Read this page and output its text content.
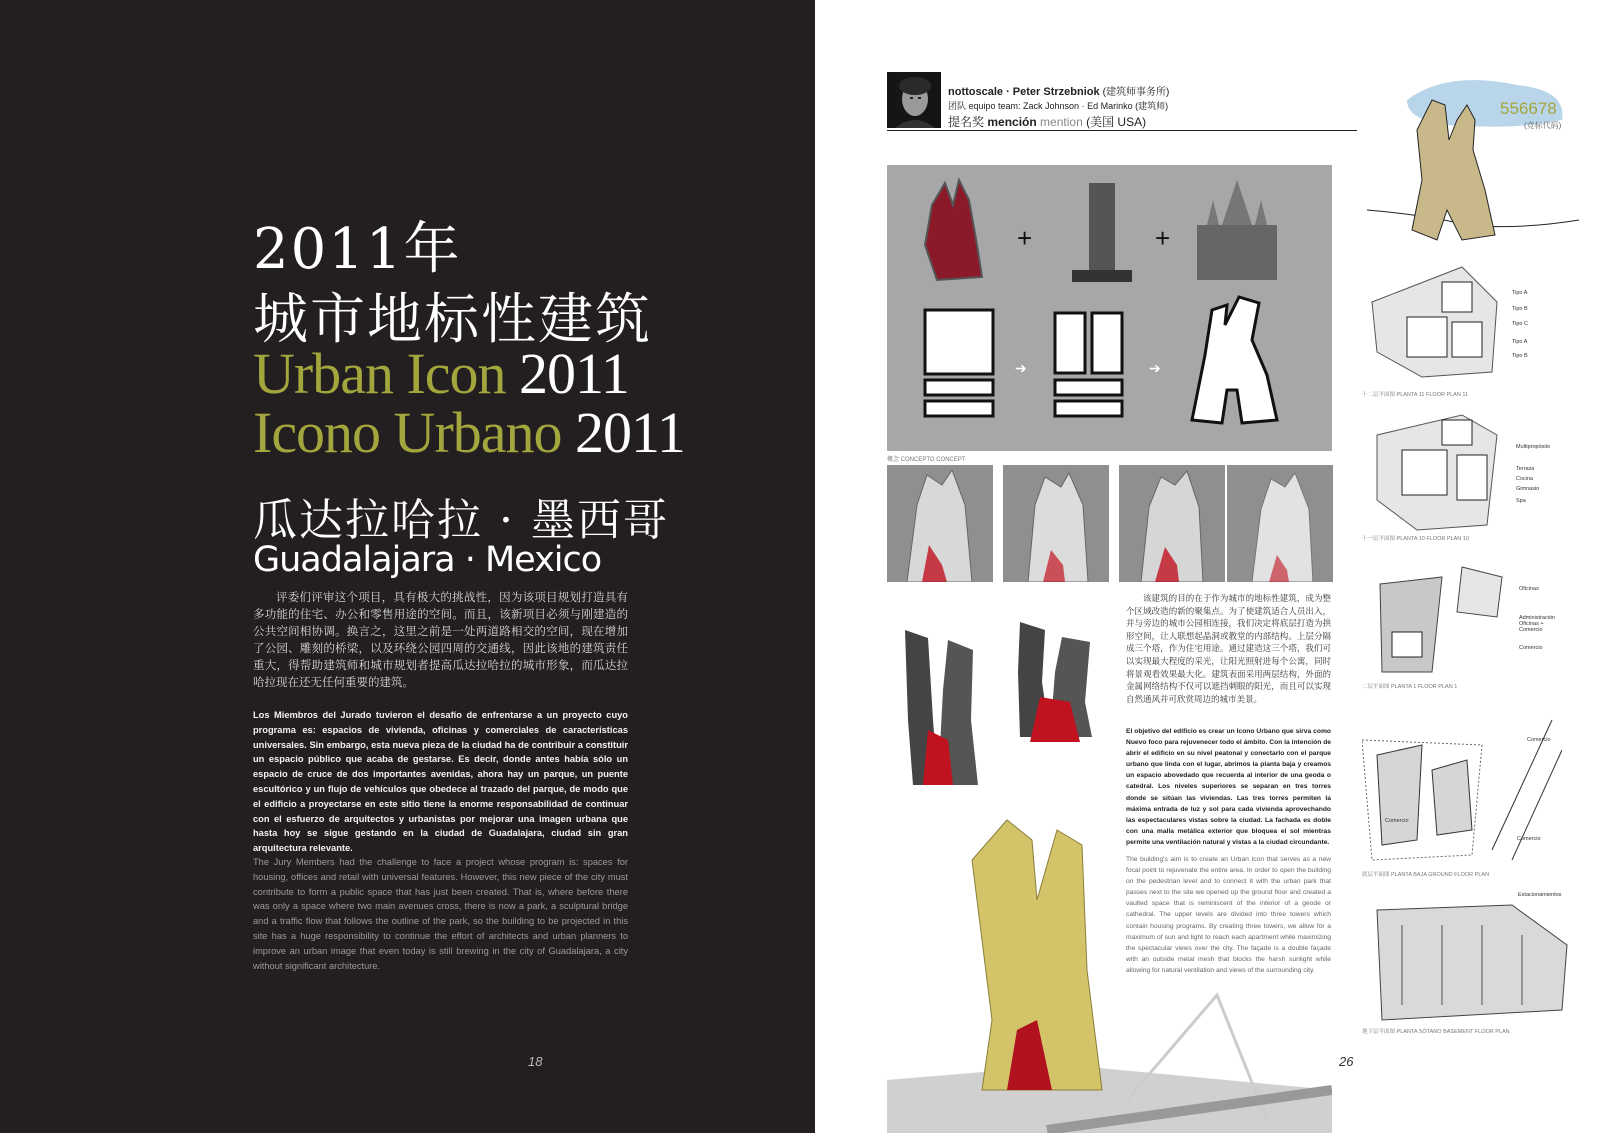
2011年
城市地标性建筑
Urban Icon 2011
Icono Urbano 2011
瓜达拉哈拉 · 墨西哥
Guadalajara · Mexico

评委们评审这个项目，具有极大的挑战性，因为该项目规划打造具有多功能的住宅、办公和零售用途的空间。而且，该新项目必须与刚建造的公共空间相协调。换言之，这里之前是一处两道路相交的空间，现在增加了公园、雕刻的桥梁，以及环绕公园四周的交通线，因此该地的建筑责任重大，得帮助建筑师和城市规划者提高瓜达拉哈拉的城市形象，而瓜达拉哈拉现在还无任何重要的建筑。

Los Miembros del Jurado tuvieron el desafío de enfrentarse a un proyecto cuyo programa es: espacios de vivienda, oficinas y comerciales de características universales. Sin embargo, esta nueva pieza de la ciudad ha de contribuir a constituir un espacio público que acaba de gestarse. Es decir, donde antes había sólo un espacio de cruce de dos importantes avenidas, ahora hay un parque, un puente escultórico y un flujo de vehículos que obedece al trazado del parque, de modo que el edificio a proyectarse en este sitio tiene la enorme responsabilidad de continuar con el esfuerzo de arquitectos y urbanistas por mejorar una imagen urbana que hasta hoy se sigue gestando en la ciudad de Guadalajara, ciudad sin gran arquitectura relevante.

The Jury Members had the challenge to face a project whose program is: spaces for housing, offices and retail with universal features. However, this new piece of the city must contribute to form a public space that has just been created. That is, where before there was only a space where two main avenues cross, there is now a park, a sculptural bridge and a traffic flow that follows the outline of the park, so the building to be projected in this site has a huge responsibility to continue the effort of architects and urban planners to improve an urban image that even today is still brewing in the city of Guadalajara, a city without significant architecture.

18
nottoscale · Peter Strzebniok (建筑师事务所)
团队 equipo team: Zack Johnson · Ed Marinko (建筑师)
提名奖 mención mention (美国 USA)
556678
(竞标代码)
+	+
➔	➔
概念 CONCEPTO CONCEPT

该建筑的目的在于作为城市的地标性建筑，成为整个区域改造的新的聚集点。为了使建筑适合人员出入，并与旁边的城市公园相连接，我们决定将底层打造为拱形空间，让人联想起晶洞或教堂的内部结构。上层分隔成三个塔，作为住宅用途。通过建造这三个塔，我们可以实现最大程度的采光，让阳光照射进每个公寓，同时将景观看效果最大化。建筑表面采用两层结构，外面的金属网络结构不仅可以遮挡刺眼的阳光，而且可以实现自然通风并可欣赏周边的城市美景。

El objetivo del edificio es crear un Icono Urbano que sirva como Nuevo foco para rejuvenecer todo el ámbito. Con la intención de abrir el edificio en su nivel peatonal y conectarlo con el parque urbano que linda con el lugar, abrimos la planta baja y creamos un espacio abovedado que recuerda al interior de una geoda o catedral. Los niveles superiores se separan en tres torres donde se sitúan las viviendas. Las tres torres permiten la máxima entrada de luz y sol para cada vivienda aprovechando las espectaculares vistas sobre la ciudad. La fachada es doble con una malla metálica exterior que bloquea el sol mientras permite una ventilación natural y vistas a la ciudad circundante.

The building's aim is to create an Urban Icon that serves as a new focal point to rejuvenate the entire area. In order to open the building on the pedestrian level and to connect it with the urban park that passes next to the site we opened up the ground floor and created a vaulted space that is reminiscent of the interior of a geode or cathedral. The upper levels are divided into three towers which contain housing programs. By creating three towers, we allow for a maximum of sun and light to reach each apartment while maximizing the spectacular views over the city. The façade is a double façade with an outside metal mesh that blocks the harsh sunlight while allowing for natural ventilation and views of the surrounding city.

26
Tipo A
Tipo B
Tipo C
Tipo A
Tipo B
十二层平面图 PLANTA 11 FLOOR PLAN 11
Multipropósito
Terraza
Cocina
Gimnasio
Spa
十一层平面图 PLANTA 10 FLOOR PLAN 10
Oficinas
Administración Oficinas + Comercio
Comercio
二层平面图 PLANTA 1 FLOOR PLAN 1
Comercio
Comercio
Comercio
底层平面图 PLANTA BAJA GROUND FLOOR PLAN
Estacionamientos
地下层平面图 PLANTA SÓTANO BASEMENT FLOOR PLAN
